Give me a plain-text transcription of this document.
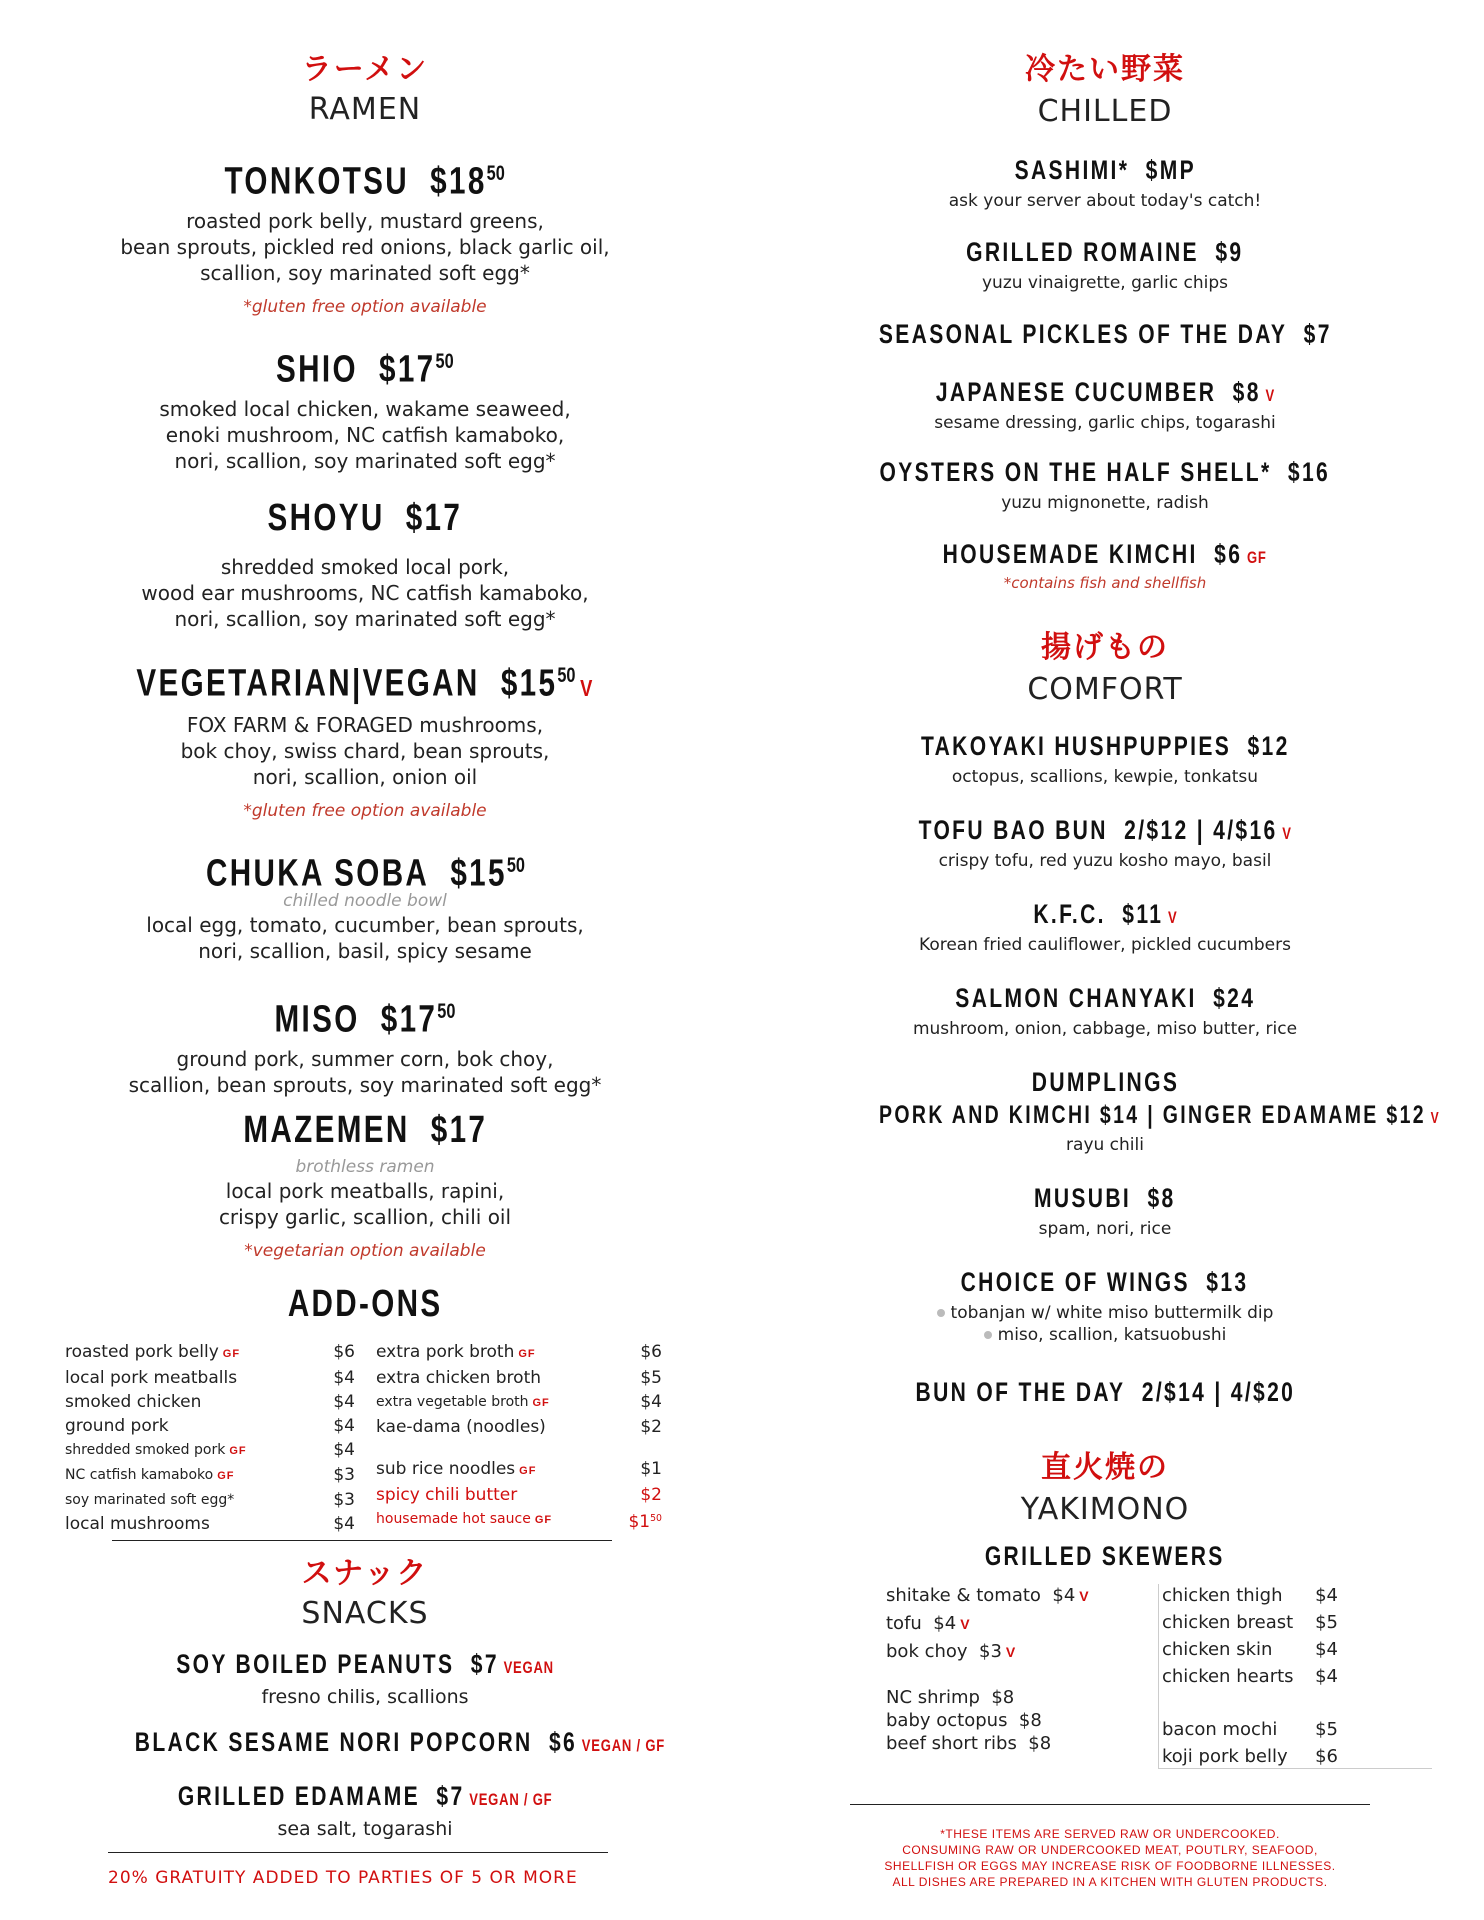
ラーメン
RAMEN
TONKOTSU $\$18^{50}$
roasted pork belly, mustard greens,
bean sprouts, pickled red onions, black garlic oil,
scallion, soy marinated soft egg*
*gluten free option available
SHIO $\$17^{50}$
smoked local chicken, wakame seaweed,
enoki mushroom, NC catfish kamaboko,
nori, scallion, soy marinated soft egg*
SHOYU $17
shredded smoked local pork,
wood ear mushrooms, NC catfish kamaboko,
nori, scallion, soy marinated soft egg*
VEGETARIAN|VEGAN $\$15^{50}$ V
FOX FARM & FORAGED mushrooms,
bok choy, swiss chard, bean sprouts,
nori, scallion, onion oil
*gluten free option available
CHUKA SOBA $\$15^{50}$
chilled noodle bowl
local egg, tomato, cucumber, bean sprouts,
nori, scallion, basil, spicy sesame
MISO $\$17^{50}$
ground pork, summer corn, bok choy,
scallion, bean sprouts, soy marinated soft egg*
MAZEMEN $17
brothless ramen
local pork meatballs, rapini,
crispy garlic, scallion, chili oil
*vegetarian option available
ADD-ONS
roasted pork belly GF	$6
local pork meatballs	$4
smoked chicken	$4
ground pork	$4
shredded smoked pork GF	$4
NC catfish kamaboko GF	$3
soy marinated soft egg*	$3
local mushrooms	$4
extra pork broth GF	$6
extra chicken broth	$5
extra vegetable broth GF	$4
kae-dama (noodles)	$2
sub rice noodles GF	$1
spicy chili butter	$2
housemade hot sauce GF	$\$1^{50}$
スナック
SNACKS
SOY BOILED PEANUTS $7 VEGAN
fresno chilis, scallions
BLACK SESAME NORI POPCORN $6 VEGAN / GF
GRILLED EDAMAME $7 VEGAN / GF
sea salt, togarashi
20% GRATUITY ADDED TO PARTIES OF 5 OR MORE
冷たい野菜
CHILLED
SASHIMI* $MP
ask your server about today's catch!
GRILLED ROMAINE $9
yuzu vinaigrette, garlic chips
SEASONAL PICKLES OF THE DAY $7
JAPANESE CUCUMBER $8 V
sesame dressing, garlic chips, togarashi
OYSTERS ON THE HALF SHELL* $16
yuzu mignonette, radish
HOUSEMADE KIMCHI $6 GF
*contains fish and shellfish
揚げもの
COMFORT
TAKOYAKI HUSHPUPPIES $12
octopus, scallions, kewpie, tonkatsu
TOFU BAO BUN 2/$12 | 4/$16 V
crispy tofu, red yuzu kosho mayo, basil
K.F.C. $11 V
Korean fried cauliflower, pickled cucumbers
SALMON CHANYAKI $24
mushroom, onion, cabbage, miso butter, rice
DUMPLINGS
PORK AND KIMCHI $14 | GINGER EDAMAME $12 V
rayu chili
MUSUBI $8
spam, nori, rice
CHOICE OF WINGS $13
tobanjan w/ white miso buttermilk dip
miso, scallion, katsuobushi
BUN OF THE DAY 2/$14 | 4/$20
直火焼の
YAKIMONO
GRILLED SKEWERS
shitake & tomato $4 V
tofu $4 V
bok choy $3 V
NC shrimp $8
baby octopus $8
beef short ribs $8
chicken thigh $4
chicken breast $5
chicken skin $4
chicken hearts $4
bacon mochi $5
koji pork belly $6
*THESE ITEMS ARE SERVED RAW OR UNDERCOOKED.
CONSUMING RAW OR UNDERCOOKED MEAT, POUTLRY, SEAFOOD,
SHELLFISH OR EGGS MAY INCREASE RISK OF FOODBORNE ILLNESSES.
ALL DISHES ARE PREPARED IN A KITCHEN WITH GLUTEN PRODUCTS.
